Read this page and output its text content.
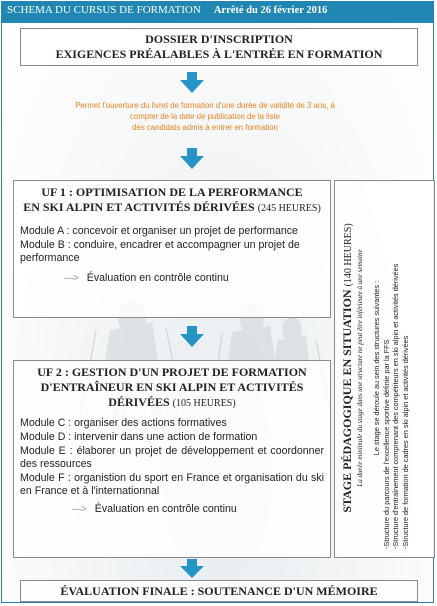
SCHEMA DU CURSUS DE FORMATION Arrêté du 26 février 2016
DOSSIER D'INSCRIPTION
EXIGENCES PRÉALABLES À L'ENTRÉE EN FORMATION
Permet l'ouverture du livret de formation d'une durée de validité de 3 ans, à
compter de la date de publication de la liste
des candidats admis à entrer en formation
UF 1 : OPTIMISATION DE LA PERFORMANCE
EN SKI ALPIN ET ACTIVITÉS DÉRIVÉES (245 HEURES)

Module A : concevoir et organiser un projet de performance

Module B : conduire, encadrer et accompagner un projet de performance

—> Évaluation en contrôle continu
UF 2 : GESTION D'UN PROJET DE FORMATION
D'ENTRAÎNEUR EN SKI ALPIN ET ACTIVITÉS
DÉRIVÉES (105 HEURES)

Module C : organiser des actions formatives

Module D : intervenir dans une action de formation

Module E : élaborer un projet de développement et coordonner des ressources

Module F : organistion du sport en France et organisation du ski en France et à l'internationnal

—> Évaluation en contrôle continu	STAGE PÉDAGOGIQUE EN SITUATION (140 HEURES) La durée minimale du stage dans une structure ne peut être inférieure à une semaine Le stage se déroule au sein des structures suivantes : -Structure du parcours de l'excellence sportive définie par la FFS -Structure d'entraînement comprenant des compétiteurs en ski alpin et activités dérivées -Structure de formation de cadres en ski alpin et activités dérivées

ÉVALUATION FINALE : SOUTENANCE D'UN MÉMOIRE
